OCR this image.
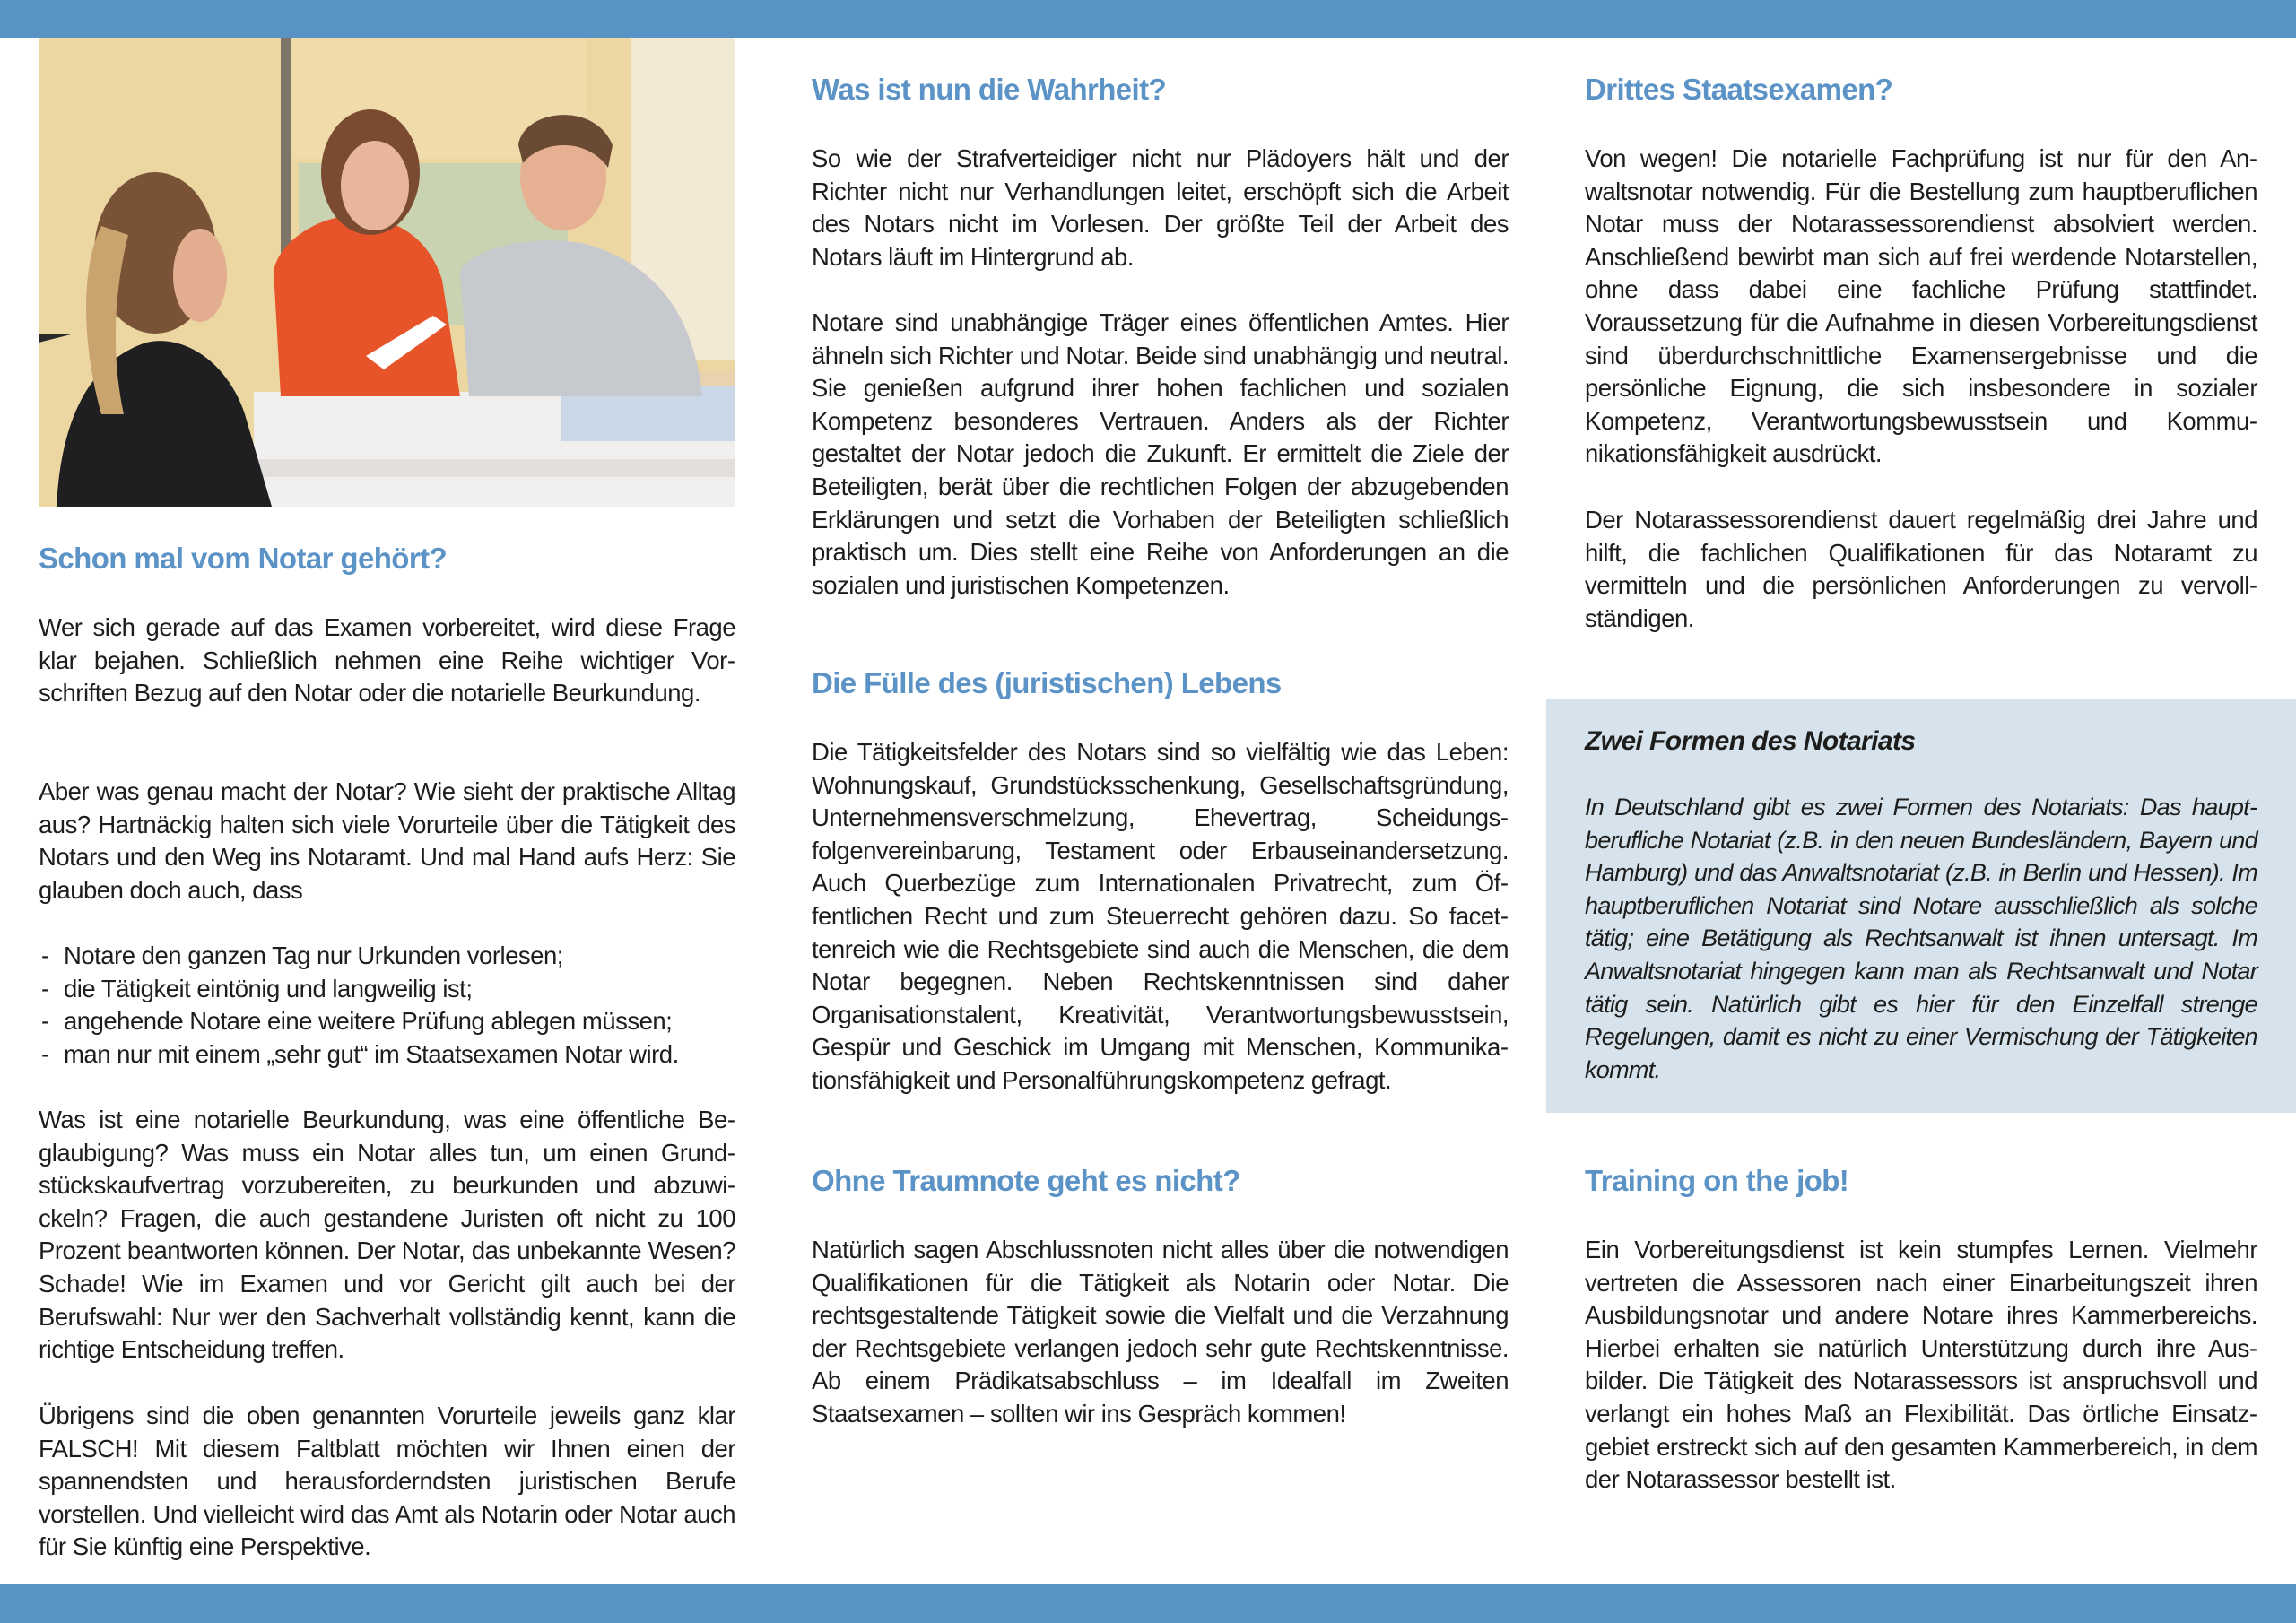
Schon mal vom Notar gehört?

Wer sich gerade auf das Examen vorbereitet, wird diese Frage klar bejahen. Schließlich nehmen eine Reihe wichtiger Vorschriften Bezug auf den Notar oder die notarielle Beurkundung.

Aber was genau macht der Notar? Wie sieht der praktische Alltag aus? Hartnäckig halten sich viele Vorurteile über die Tätigkeit des Notars und den Weg ins Notaramt. Und mal Hand aufs Herz: Sie glauben doch auch, dass

- Notare den ganzen Tag nur Urkunden vorlesen;
- die Tätigkeit eintönig und langweilig ist;
- angehende Notare eine weitere Prüfung ablegen müssen;
- man nur mit einem „sehr gut“ im Staatsexamen Notar wird.

Was ist eine notarielle Beurkundung, was eine öffentliche Beglaubigung? Was muss ein Notar alles tun, um einen Grundstückskaufvertrag vorzubereiten, zu beurkunden und abzuwickeln? Fragen, die auch gestandene Juristen oft nicht zu 100 Prozent beantworten können. Der Notar, das unbekannte Wesen? Schade! Wie im Examen und vor Gericht gilt auch bei der Berufswahl: Nur wer den Sachverhalt vollständig kennt, kann die richtige Entscheidung treffen.

Übrigens sind die oben genannten Vorurteile jeweils ganz klar FALSCH! Mit diesem Faltblatt möchten wir Ihnen einen der spannendsten und herausforderndsten juristischen Berufe vorstellen. Und vielleicht wird das Amt als Notarin oder Notar auch für Sie künftig eine Perspektive.

Was ist nun die Wahrheit?

So wie der Strafverteidiger nicht nur Plädoyers hält und der Richter nicht nur Verhandlungen leitet, erschöpft sich die Arbeit des Notars nicht im Vorlesen. Der größte Teil der Arbeit des Notars läuft im Hintergrund ab.

Notare sind unabhängige Träger eines öffentlichen Amtes. Hier ähneln sich Richter und Notar. Beide sind unabhängig und neutral. Sie genießen aufgrund ihrer hohen fachlichen und sozialen Kompetenz besonderes Vertrauen. Anders als der Richter gestaltet der Notar jedoch die Zukunft. Er ermittelt die Ziele der Beteiligten, berät über die rechtlichen Folgen der abzugebenden Erklärungen und setzt die Vorhaben der Beteiligten schließlich praktisch um. Dies stellt eine Reihe von Anforderungen an die sozialen und juristischen Kompetenzen.

Die Fülle des (juristischen) Lebens

Die Tätigkeitsfelder des Notars sind so vielfältig wie das Leben: Wohnungskauf, Grundstücksschenkung, Gesellschaftsgründung, Unternehmensverschmelzung, Ehevertrag, Scheidungsfolgenvereinbarung, Testament oder Erbauseinandersetzung. Auch Querbezüge zum Internationalen Privatrecht, zum Öffentlichen Recht und zum Steuerrecht gehören dazu. So facettenreich wie die Rechtsgebiete sind auch die Menschen, die dem Notar begegnen. Neben Rechtskenntnissen sind daher Organisationstalent, Kreativität, Verantwortungsbewusstsein, Gespür und Geschick im Umgang mit Menschen, Kommunikationsfähigkeit und Personalführungskompetenz gefragt.

Ohne Traumnote geht es nicht?

Natürlich sagen Abschlussnoten nicht alles über die notwendigen Qualifikationen für die Tätigkeit als Notarin oder Notar. Die rechtsgestaltende Tätigkeit sowie die Vielfalt und die Verzahnung der Rechtsgebiete verlangen jedoch sehr gute Rechtskenntnisse. Ab einem Prädikatsabschluss – im Idealfall im Zweiten Staatsexamen – sollten wir ins Gespräch kommen!

Drittes Staatsexamen?

Von wegen! Die notarielle Fachprüfung ist nur für den Anwaltsnotar notwendig. Für die Bestellung zum hauptberuflichen Notar muss der Notarassessorendienst absolviert werden. Anschließend bewirbt man sich auf frei werdende Notarstellen, ohne dass dabei eine fachliche Prüfung stattfindet. Voraussetzung für die Aufnahme in diesen Vorbereitungsdienst sind überdurchschnittliche Examensergebnisse und die persönliche Eignung, die sich insbesondere in sozialer Kompetenz, Verantwortungsbewusstsein und Kommunikationsfähigkeit ausdrückt.

Der Notarassessorendienst dauert regelmäßig drei Jahre und hilft, die fachlichen Qualifikationen für das Notaramt zu vermitteln und die persönlichen Anforderungen zu vervollständigen.

Training on the job!

Ein Vorbereitungsdienst ist kein stumpfes Lernen. Vielmehr vertreten die Assessoren nach einer Einarbeitungszeit ihren Ausbildungsnotar und andere Notare ihres Kammerbereichs. Hierbei erhalten sie natürlich Unterstützung durch ihre Ausbilder. Die Tätigkeit des Notarassessors ist anspruchsvoll und verlangt ein hohes Maß an Flexibilität. Das örtliche Einsatzgebiet erstreckt sich auf den gesamten Kammerbereich, in dem der Notarassessor bestellt ist.

Zwei Formen des Notariats

In Deutschland gibt es zwei Formen des Notariats: Das hauptberufliche Notariat (z.B. in den neuen Bundesländern, Bayern und Hamburg) und das Anwaltsnotariat (z.B. in Berlin und Hessen). Im hauptberuflichen Notariat sind Notare ausschließlich als solche tätig; eine Betätigung als Rechtsanwalt ist ihnen untersagt. Im Anwaltsnotariat hingegen kann man als Rechtsanwalt und Notar tätig sein. Natürlich gibt es hier für den Einzelfall strenge Regelungen, damit es nicht zu einer Vermischung der Tätigkeiten kommt.
